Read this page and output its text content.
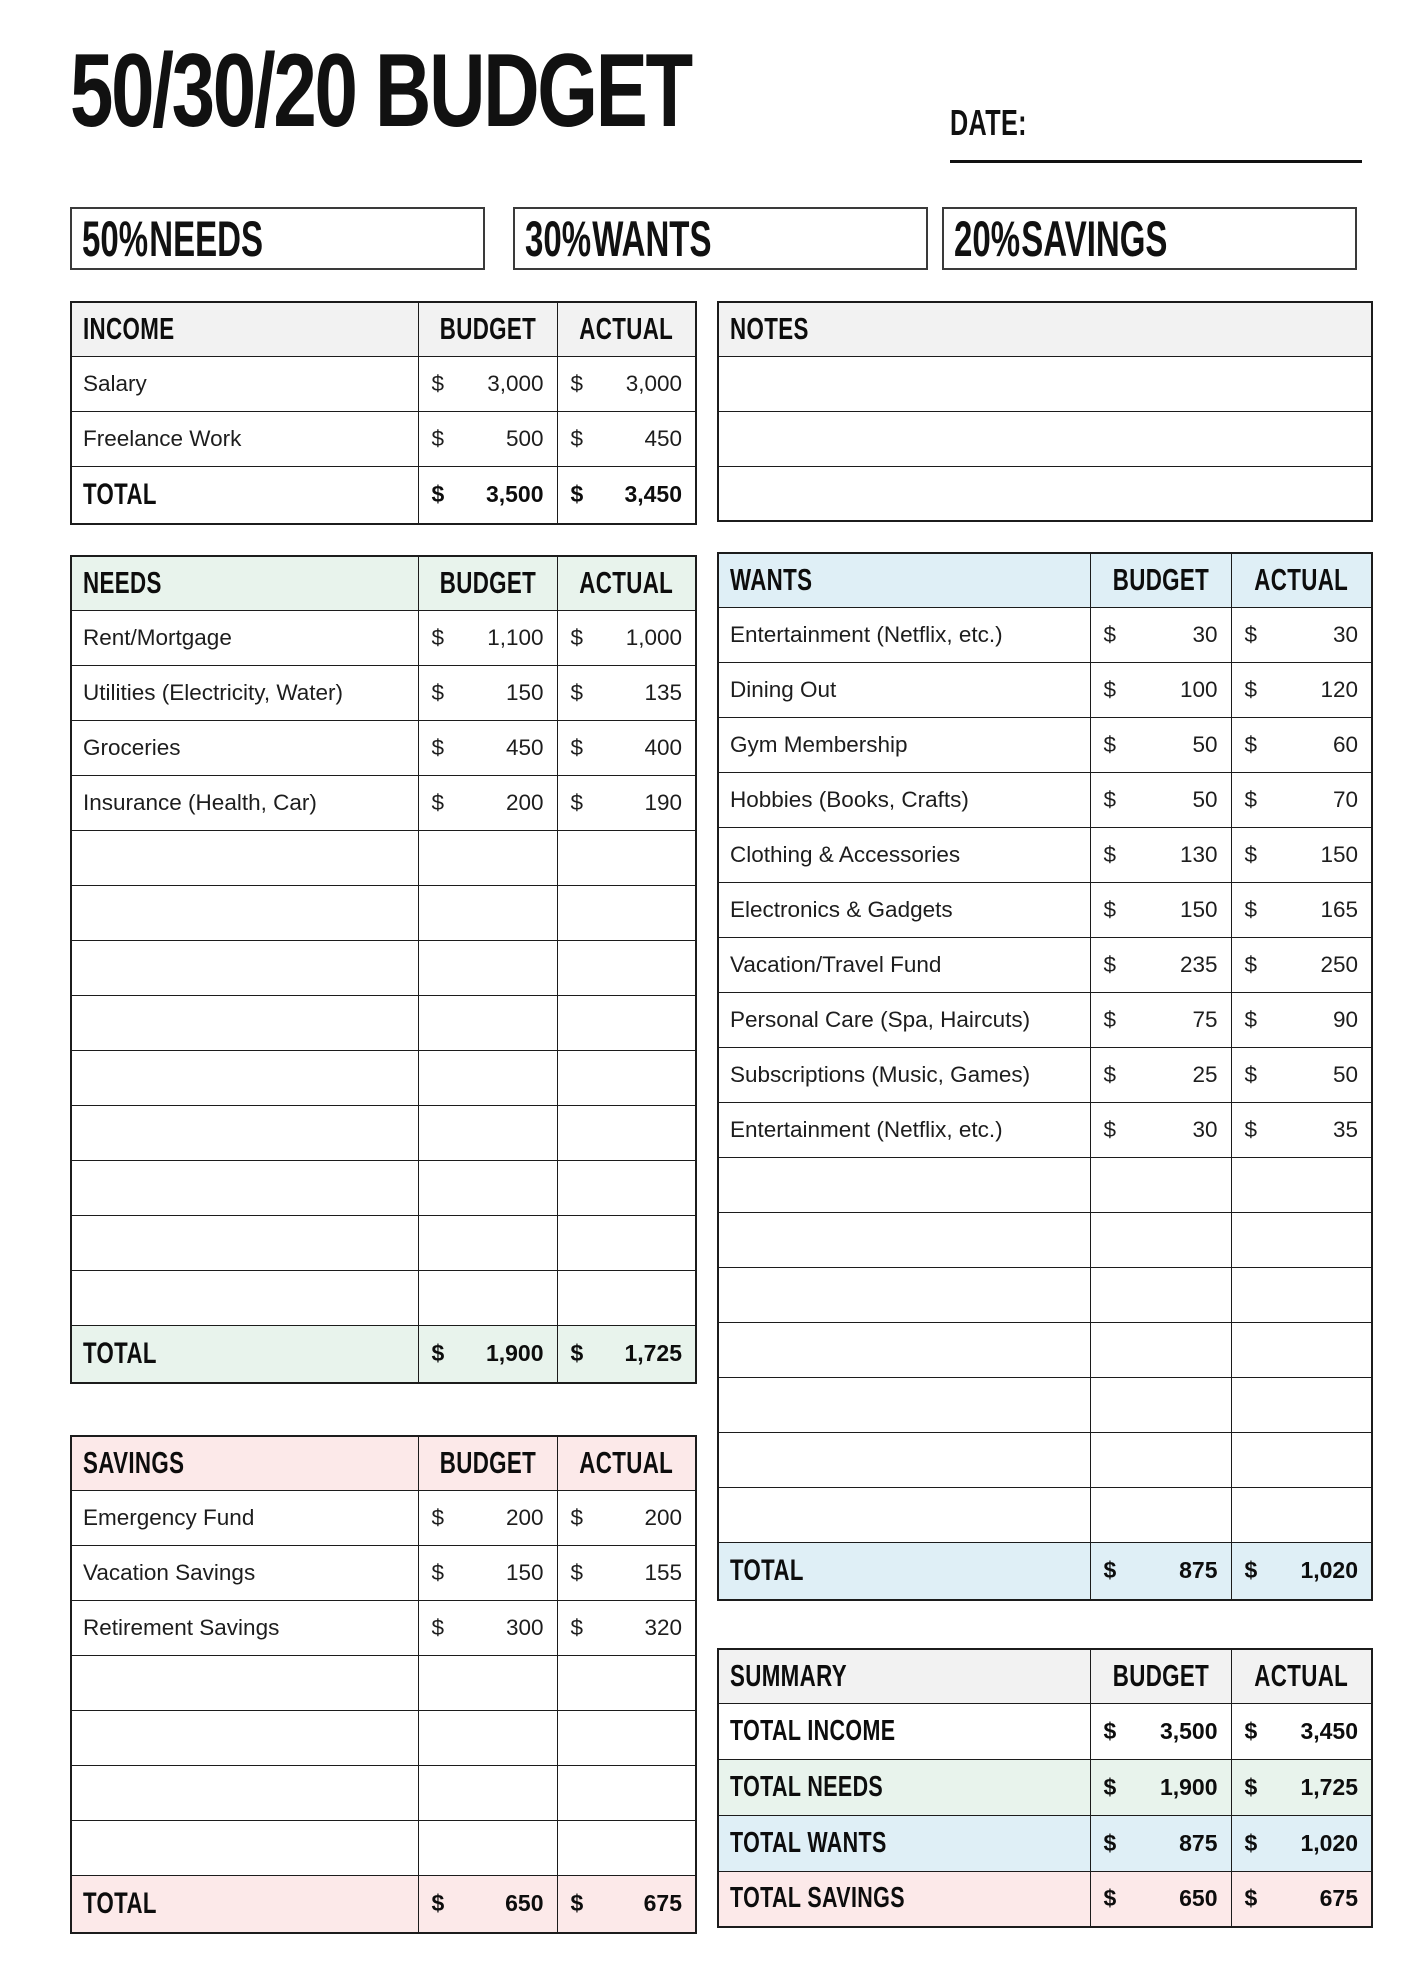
50/30/20 BUDGET	DATE:
50% NEEDS	30% WANTS	20% SAVINGS
INCOME	BUDGET	ACTUAL
Salary	$ 3,000	$ 3,000

Freelance Work	$ 500	$ 450

TOTAL	$ 3,500	$ 3,450
NEEDS	BUDGET	ACTUAL
Rent/Mortgage	$ 1,100	$ 1,000

Utilities (Electricity, Water)	$ 150	$ 135

Groceries	$ 450	$ 400

Insurance (Health, Car)	$ 200	$ 190

TOTAL	$ 1,900	$ 1,725
SAVINGS	BUDGET	ACTUAL
Emergency Fund	$ 200	$ 200

Vacation Savings	$ 150	$ 155

Retirement Savings	$ 300	$ 320

TOTAL	$ 650	$ 675
NOTES

WANTS	BUDGET	ACTUAL
Entertainment (Netflix, etc.)	$ 30	$ 30

Dining Out	$ 100	$ 120

Gym Membership	$ 50	$ 60

Hobbies (Books, Crafts)	$ 50	$ 70

Clothing & Accessories	$ 130	$ 150

Electronics & Gadgets	$ 150	$ 165

Vacation/Travel Fund	$ 235	$ 250

Personal Care (Spa, Haircuts)	$ 75	$ 90

Subscriptions (Music, Games)	$ 25	$ 50

Entertainment (Netflix, etc.)	$ 30	$ 35

TOTAL	$ 875	$ 1,020
SUMMARY	BUDGET	ACTUAL
TOTAL INCOME	$ 3,500	$ 3,450

TOTAL NEEDS	$ 1,900	$ 1,725

TOTAL WANTS	$ 875	$ 1,020

TOTAL SAVINGS	$ 650	$ 675
